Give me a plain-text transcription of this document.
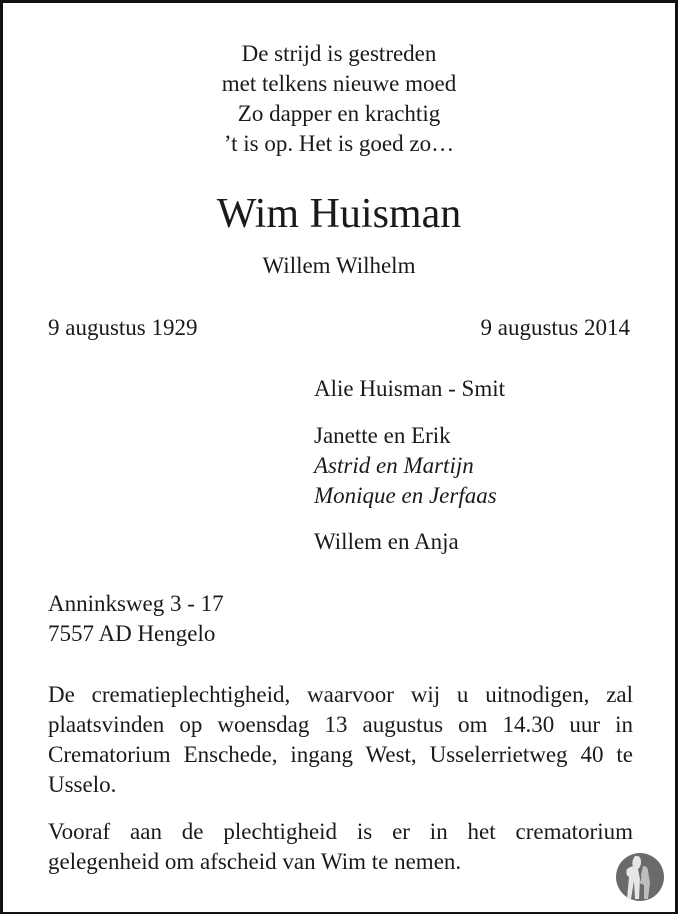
De strijd is gestreden
met telkens nieuwe moed
Zo dapper en krachtig
’t is op. Het is goed zo…
Wim Huisman
Willem Wilhelm
9 augustus 1929	9 augustus 2014
Alie Huisman - Smit
Janette en Erik
Astrid en Martijn
Monique en Jerfaas
Willem en Anja
Anninksweg 3 - 17
7557 AD Hengelo
De crematieplechtigheid, waarvoor wij u uitnodigen, zal plaatsvinden op woensdag 13 augustus om 14.30 uur in Crematorium Enschede, ingang West, Usselerrietweg 40 te Usselo.
Vooraf aan de plechtigheid is er in het crematorium gelegenheid om afscheid van Wim te nemen.
